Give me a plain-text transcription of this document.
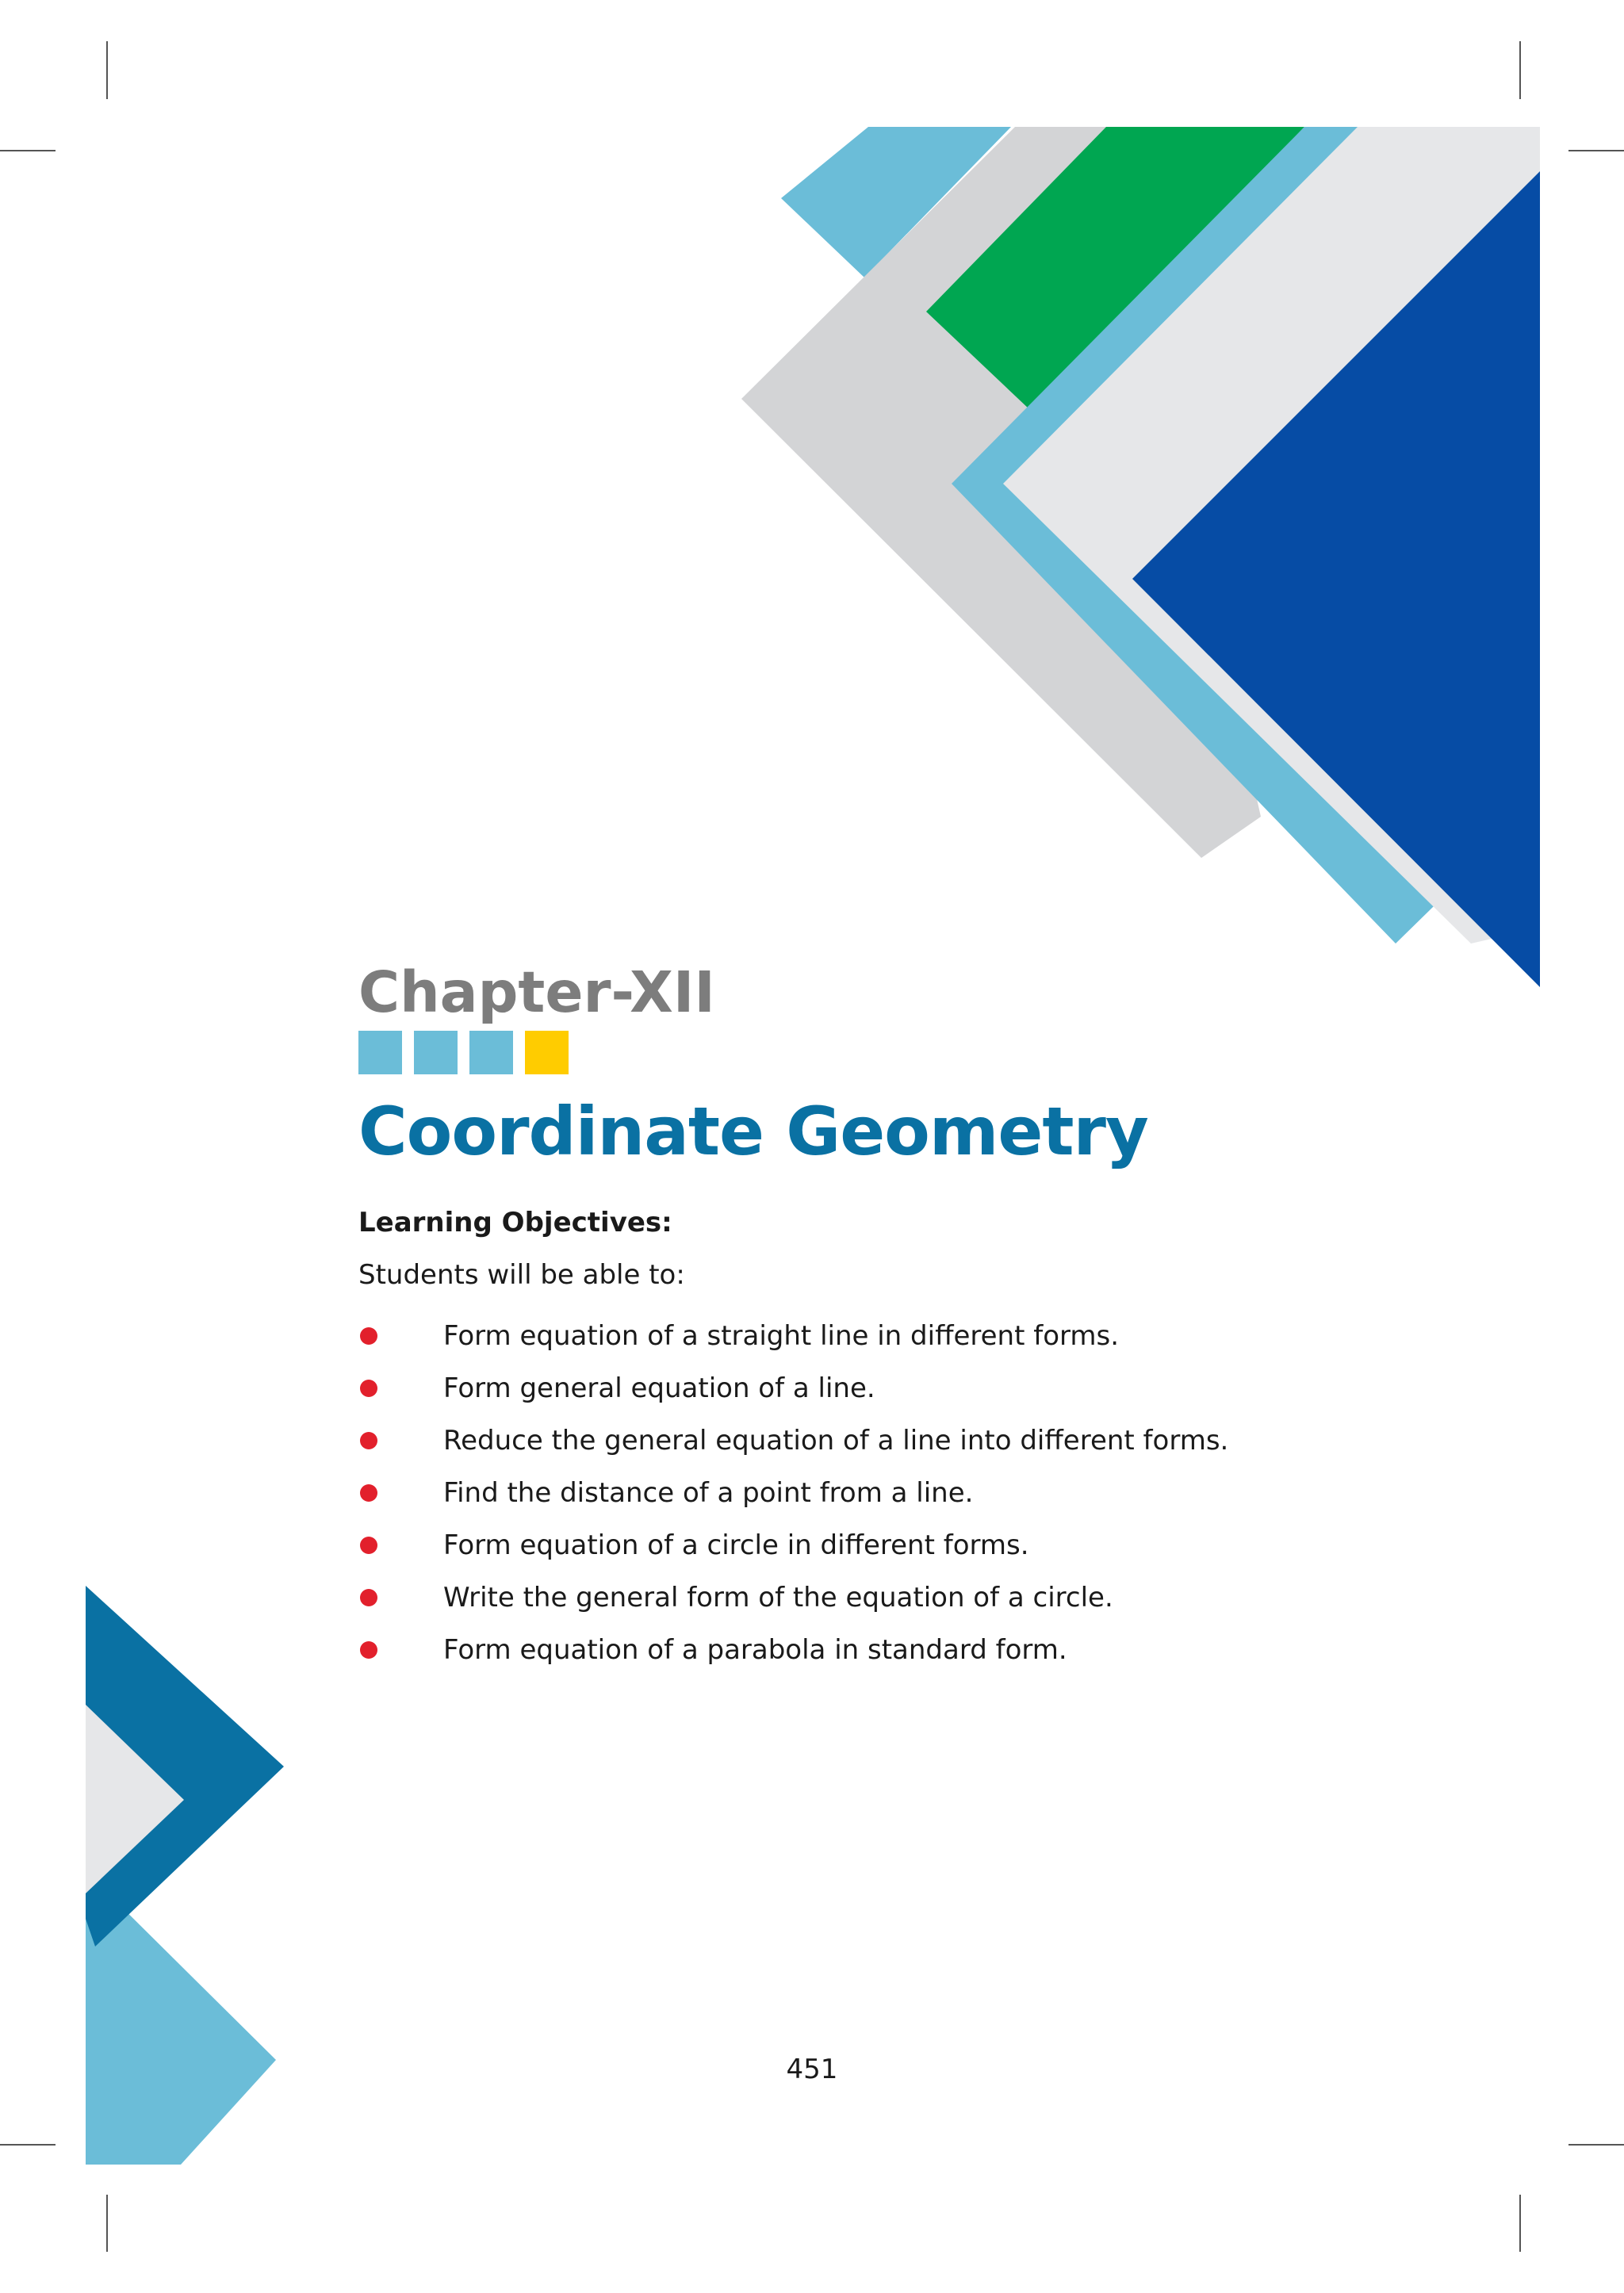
Chapter-XII
Coordinate Geometry
Learning Objectives:
Students will be able to:
Form equation of a straight line in different forms.
Form general equation of a line.
Reduce the general equation of a line into different forms.
Find the distance of a point from a line.
Form equation of a circle in different forms.
Write the general form of the equation of a circle.
Form equation of a parabola in standard form.
451
